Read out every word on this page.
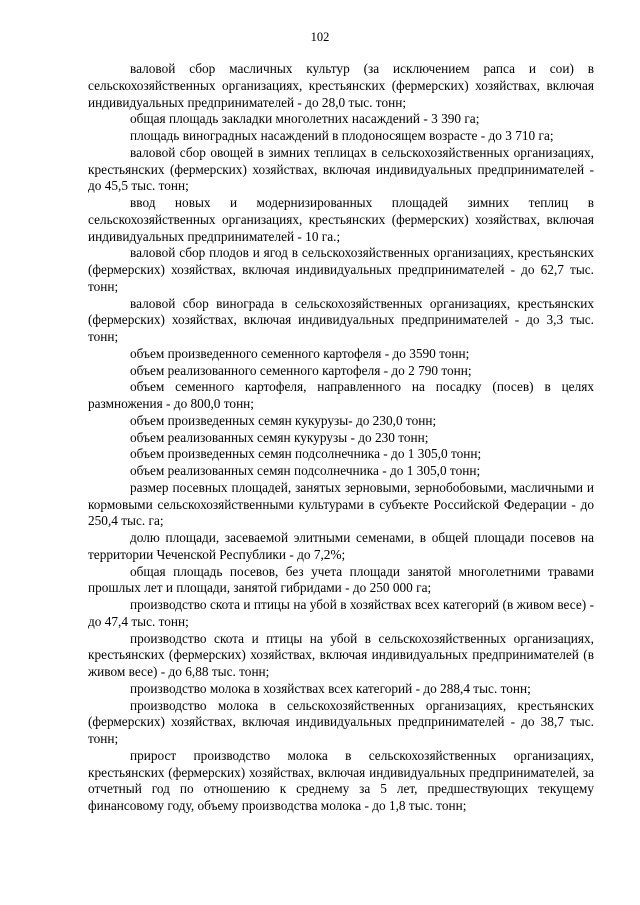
102

валовой сбор масличных культур (за исключением рапса и сои) в сельскохозяйственных организациях, крестьянских (фермерских) хозяйствах, включая индивидуальных предпринимателей - до 28,0 тыс. тонн;

общая площадь закладки многолетних насаждений - 3 390 га;

площадь виноградных насаждений в плодоносящем возрасте - до 3 710 га;

валовой сбор овощей в зимних теплицах в сельскохозяйственных организациях, крестьянских (фермерских) хозяйствах, включая индивидуальных предпринимателей - до 45,5 тыс. тонн;

ввод новых и модернизированных площадей зимних теплиц в сельскохозяйственных организациях, крестьянских (фермерских) хозяйствах, включая индивидуальных предпринимателей - 10 га.;

валовой сбор плодов и ягод в сельскохозяйственных организациях, крестьянских (фермерских) хозяйствах, включая индивидуальных предпринимателей - до 62,7 тыс. тонн;

валовой сбор винограда в сельскохозяйственных организациях, крестьянских (фермерских) хозяйствах, включая индивидуальных предпринимателей - до 3,3 тыс. тонн;

объем произведенного семенного картофеля - до 3590 тонн;

объем реализованного семенного картофеля - до 2 790 тонн;

объем семенного картофеля, направленного на посадку (посев) в целях размножения - до 800,0 тонн;

объем произведенных семян кукурузы- до 230,0 тонн;

объем реализованных семян кукурузы - до 230 тонн;

объем произведенных семян подсолнечника - до 1 305,0 тонн;

объем реализованных семян подсолнечника - до 1 305,0 тонн;

размер посевных площадей, занятых зерновыми, зернобобовыми, масличными и кормовыми сельскохозяйственными культурами в субъекте Российской Федерации - до 250,4 тыс. га;

долю площади, засеваемой элитными семенами, в общей площади посевов на территории Чеченской Республики - до 7,2%;

общая площадь посевов, без учета площади занятой многолетними травами прошлых лет и площади, занятой гибридами - до 250 000 га;

производство скота и птицы на убой в хозяйствах всех категорий (в живом весе) - до 47,4 тыс. тонн;

производство скота и птицы на убой в сельскохозяйственных организациях, крестьянских (фермерских) хозяйствах, включая индивидуальных предпринимателей (в живом весе) - до 6,88 тыс. тонн;

производство молока в хозяйствах всех категорий - до 288,4 тыс. тонн;

производство молока в сельскохозяйственных организациях, крестьянских (фермерских) хозяйствах, включая индивидуальных предпринимателей - до 38,7 тыс. тонн;

прирост производство молока в сельскохозяйственных организациях, крестьянских (фермерских) хозяйствах, включая индивидуальных предпринимателей, за отчетный год по отношению к среднему за 5 лет, предшествующих текущему финансовому году, объему производства молока - до 1,8 тыс. тонн;
